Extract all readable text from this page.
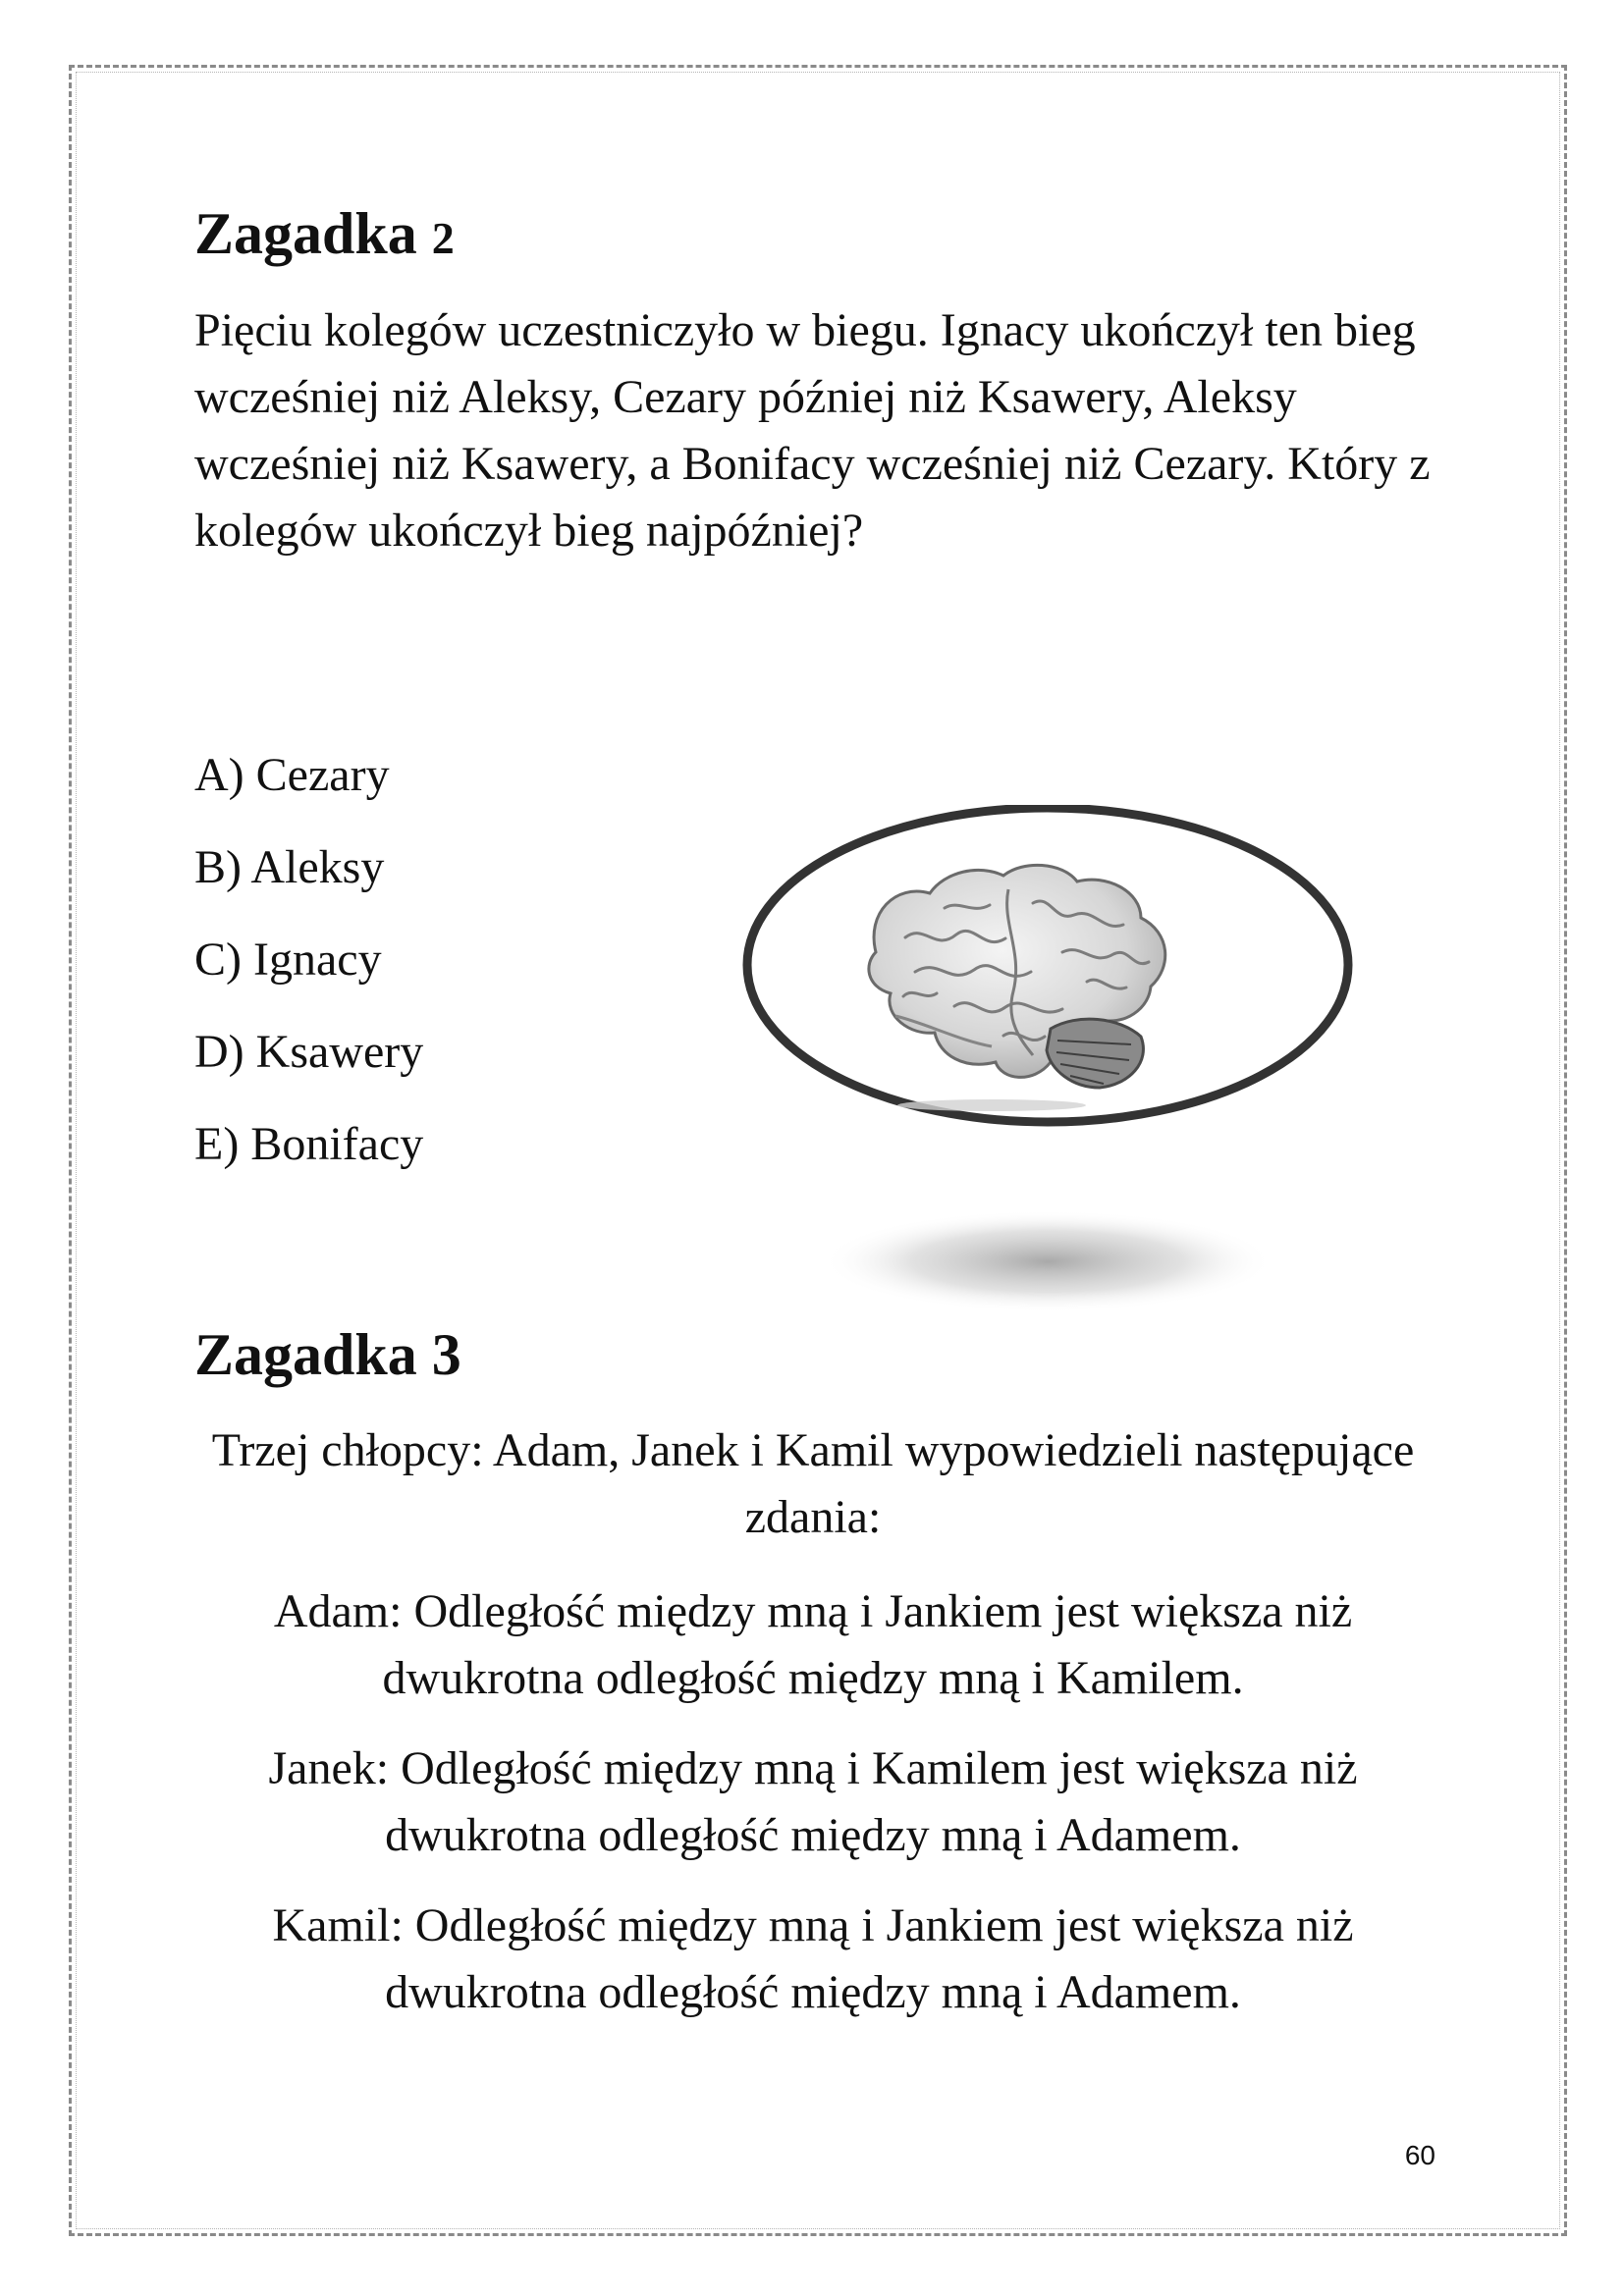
Zagadka 2
Pięciu kolegów uczestniczyło w biegu. Ignacy ukończył ten bieg wcześniej niż Aleksy, Cezary później niż Ksawery, Aleksy wcześniej niż Ksawery, a Bonifacy wcześniej niż Cezary. Który z kolegów ukończył bieg najpóźniej?
A) Cezary
B) Aleksy
C) Ignacy
D) Ksawery
E) Bonifacy
Zagadka 3
Trzej chłopcy: Adam, Janek i Kamil wypowiedzieli następujące zdania:
Adam: Odległość między mną i Jankiem jest większa niż dwukrotna odległość między mną i Kamilem.
Janek: Odległość między mną i Kamilem jest większa niż dwukrotna odległość między mną i Adamem.
Kamil: Odległość między mną i Jankiem jest większa niż dwukrotna odległość między mną i Adamem.
60
